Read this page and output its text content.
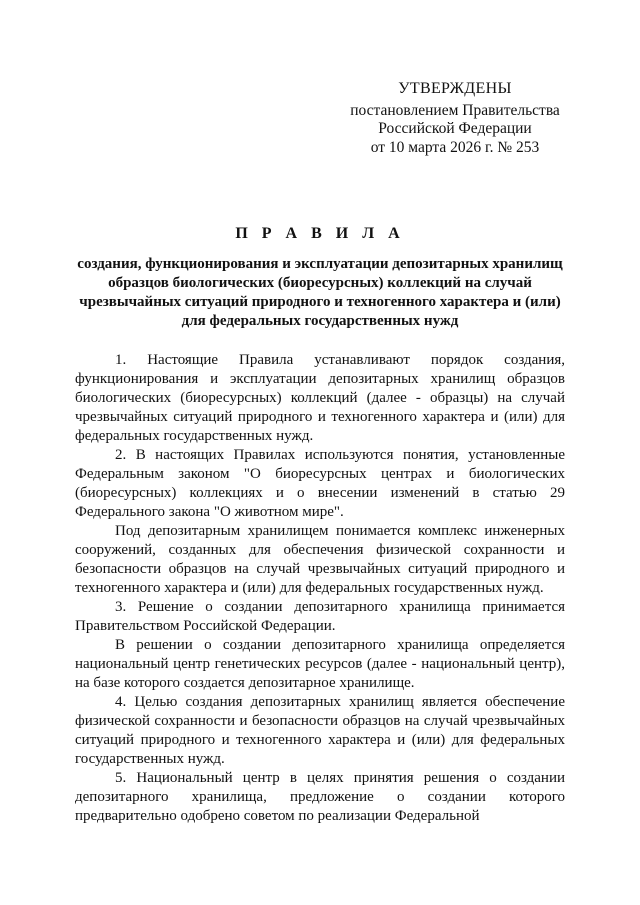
УТВЕРЖДЕНЫ
постановлением Правительства
Российской Федерации
от 10 марта 2026 г. № 253
П Р А В И Л А
создания, функционирования и эксплуатации депозитарных хранилищ образцов биологических (биоресурсных) коллекций на случай чрезвычайных ситуаций природного и техногенного характера и (или) для федеральных государственных нужд

1. Настоящие Правила устанавливают порядок создания, функционирования и эксплуатации депозитарных хранилищ образцов биологических (биоресурсных) коллекций (далее - образцы) на случай чрезвычайных ситуаций природного и техногенного характера и (или) для федеральных государственных нужд.

2. В настоящих Правилах используются понятия, установленные Федеральным законом "О биоресурсных центрах и биологических (биоресурсных) коллекциях и о внесении изменений в статью 29 Федерального закона "О животном мире".

Под депозитарным хранилищем понимается комплекс инженерных сооружений, созданных для обеспечения физической сохранности и безопасности образцов на случай чрезвычайных ситуаций природного и техногенного характера и (или) для федеральных государственных нужд.

3. Решение о создании депозитарного хранилища принимается Правительством Российской Федерации.

В решении о создании депозитарного хранилища определяется национальный центр генетических ресурсов (далее - национальный центр), на базе которого создается депозитарное хранилище.

4. Целью создания депозитарных хранилищ является обеспечение физической сохранности и безопасности образцов на случай чрезвычайных ситуаций природного и техногенного характера и (или) для федеральных государственных нужд.

5. Национальный центр в целях принятия решения о создании депозитарного хранилища, предложение о создании которого предварительно одобрено советом по реализации Федеральной
